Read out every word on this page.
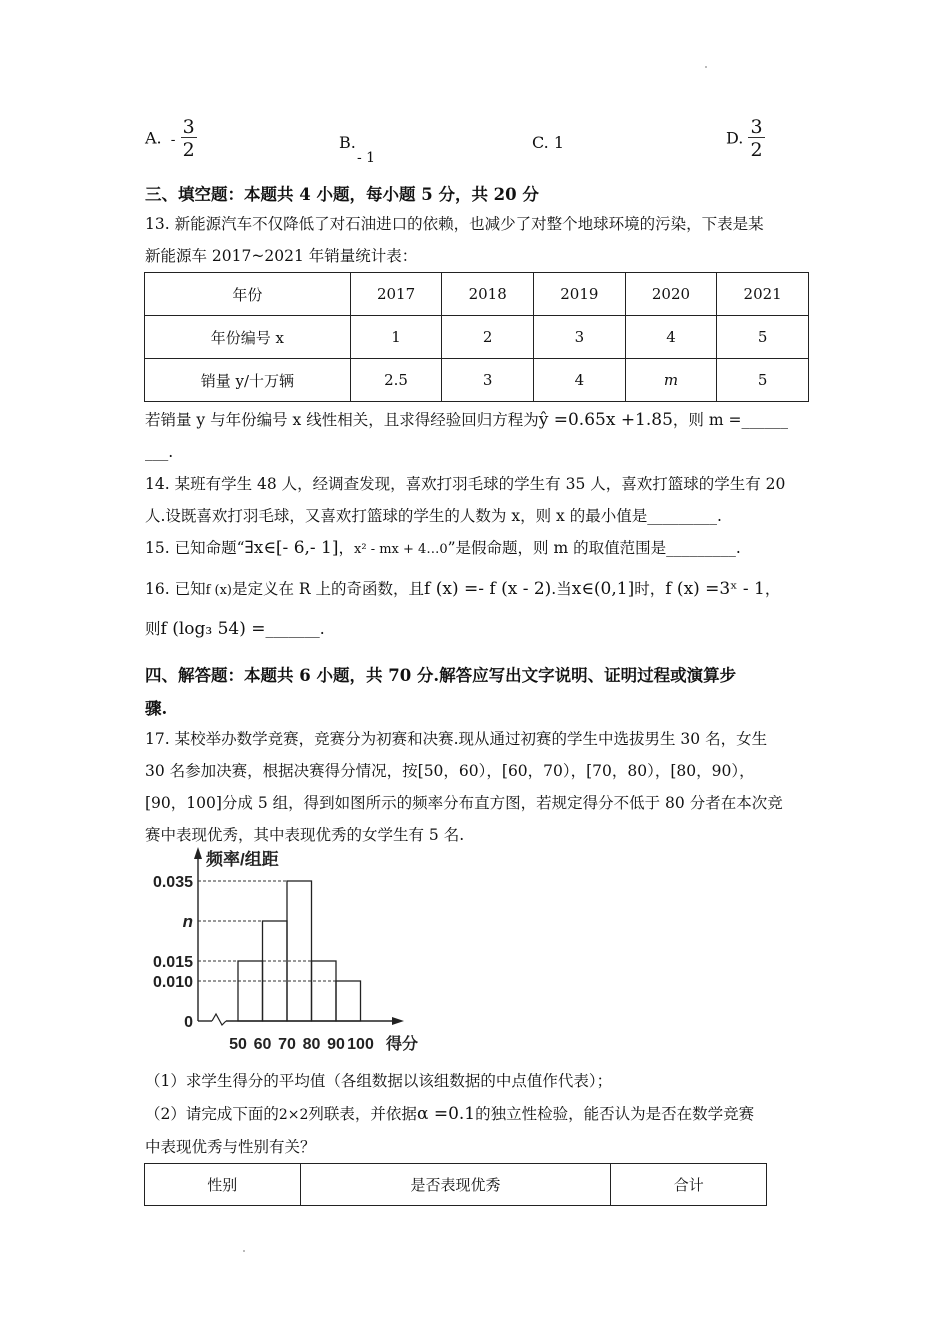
A. - $\frac{3}{2}$	B. - 1
C. 1	D. $\frac{3}{2}$
三、填空题：本题共 4 小题，每小题 5 分，共 20 分
13. 新能源汽车不仅降低了对石油进口的依赖，也减少了对整个地球环境的污染，下表是某
新能源车 2017~2021 年销量统计表：
年份	2017	2018	2019	2020	2021
年份编号 x	1	2	3	4	5
销量 y/十万辆	2.5	3	4	m	5
若销量 y 与年份编号 x 线性相关，且求得经验回归方程为ŷ =0.65x +1.85，则 m =______
___.
14. 某班有学生 48 人，经调查发现，喜欢打羽毛球的学生有 35 人，喜欢打篮球的学生有 20
人.设既喜欢打羽毛球，又喜欢打篮球的学生的人数为 x，则 x 的最小值是_________.
15. 已知命题“∃x∈[- 6,- 1]，x² - mx + 4…0”是假命题，则 m 的取值范围是_________.
16. 已知f (x)是定义在 R 上的奇函数，且f (x) =- f (x - 2).当x∈(0,1]时，f (x) =3ˣ - 1，
则f (log₃ 54) =_______.
四、解答题：本题共 6 小题，共 70 分.解答应写出文字说明、证明过程或演算步
骤.
17. 某校举办数学竞赛，竞赛分为初赛和决赛.现从通过初赛的学生中选拔男生 30 名，女生
30 名参加决赛，根据决赛得分情况，按[50，60），[60，70），[70，80），[80，90），
[90，100]分成 5 组，得到如图所示的频率分布直方图，若规定得分不低于 80 分者在本次竞
赛中表现优秀，其中表现优秀的女学生有 5 名.
频率/组距
得分
0
0.010
0.015
n
0.035
50 60 70 80 90 100
（1）求学生得分的平均值（各组数据以该组数据的中点值作代表）；
（2）请完成下面的2×2列联表，并依据α =0.1的独立性检验，能否认为是否在数学竞赛
中表现优秀与性别有关？
性别	是否表现优秀	合计
